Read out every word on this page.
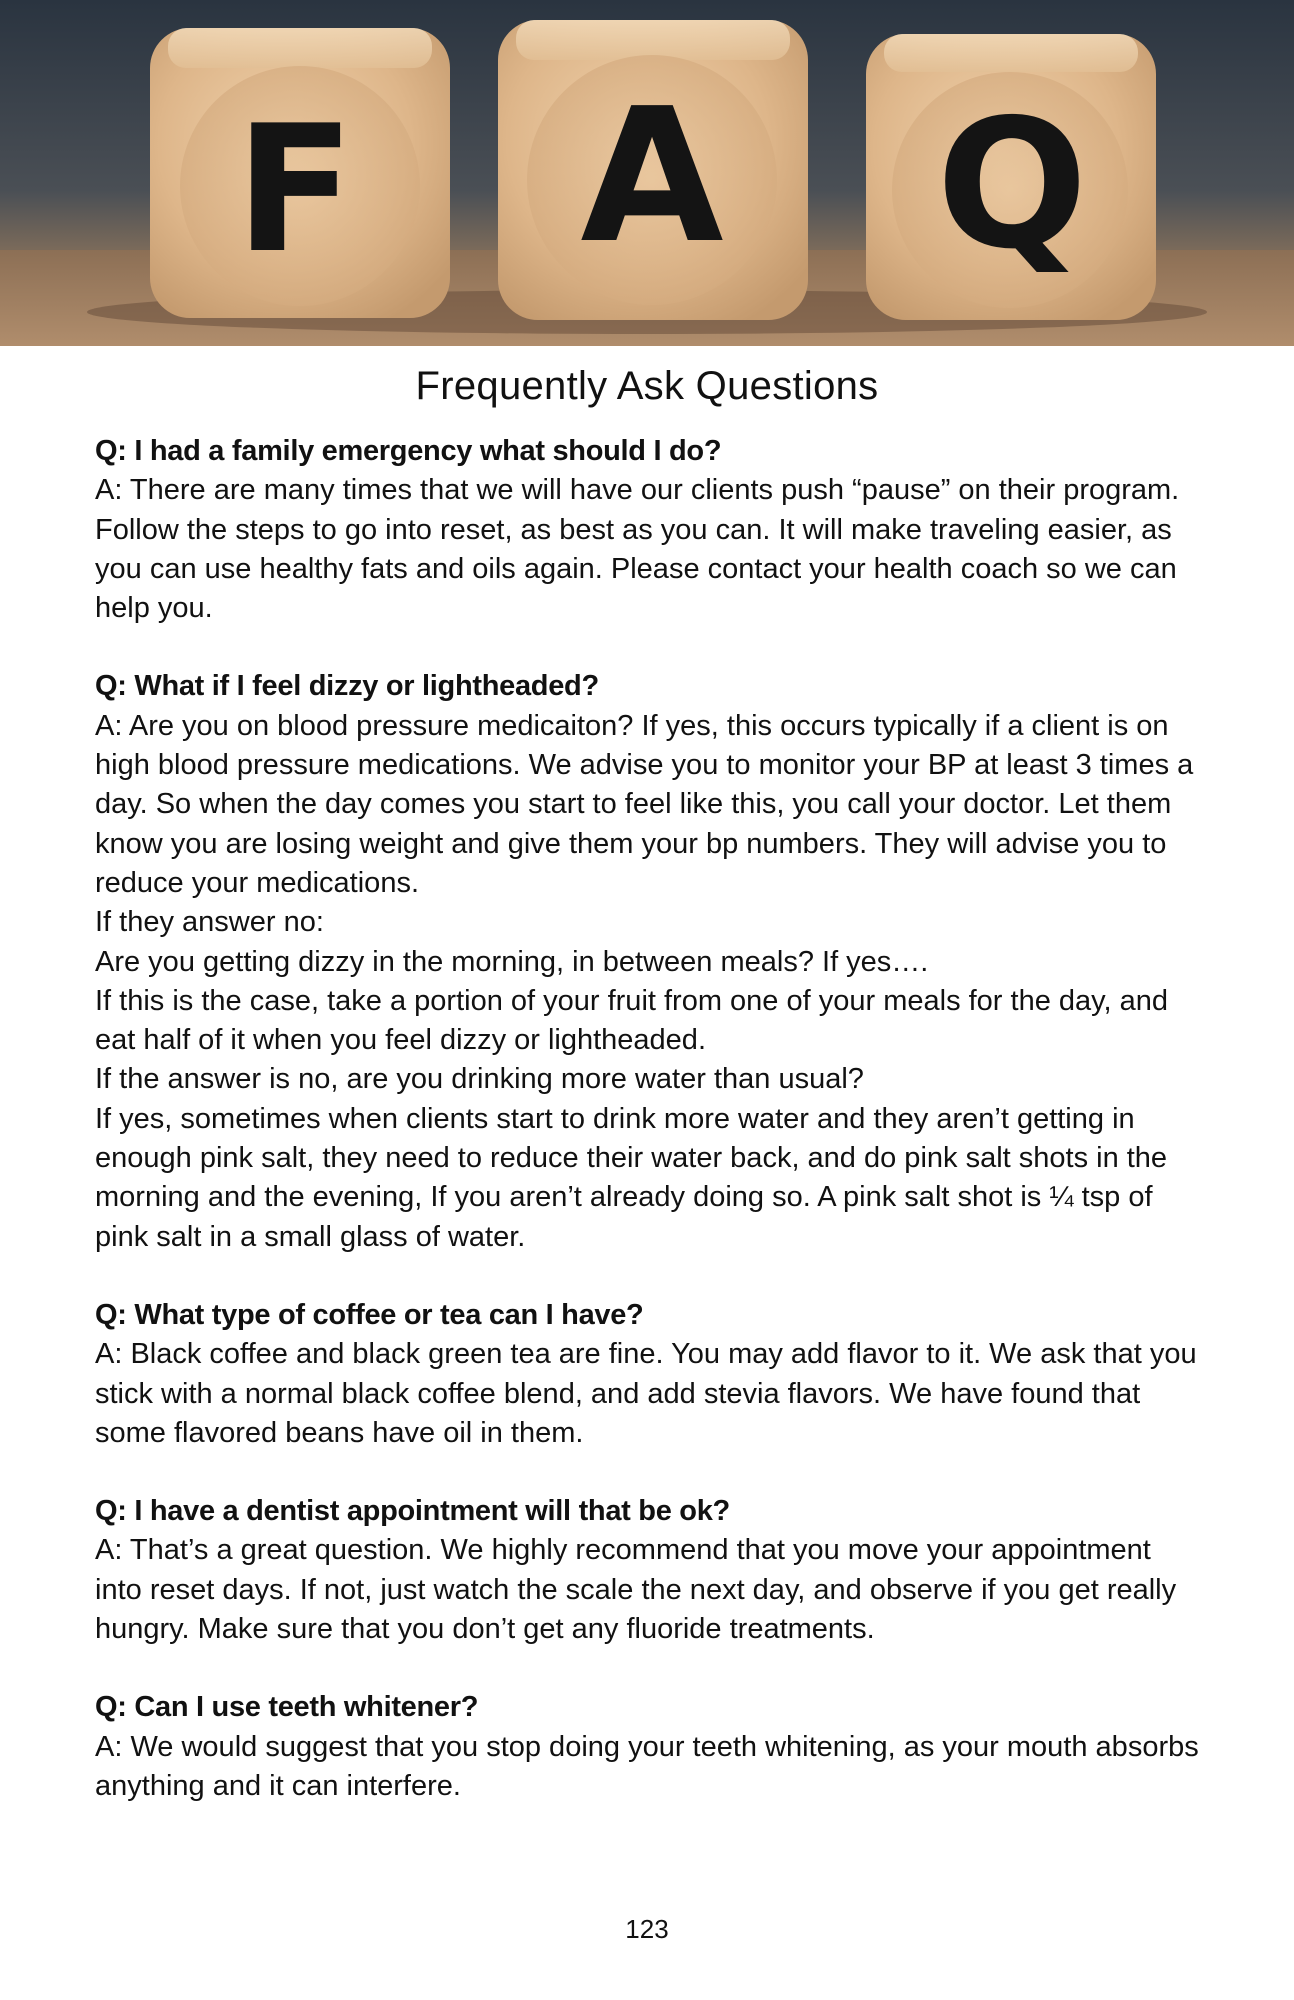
F A Q
Frequently Ask Questions
Q: I had a family emergency what should I do?
A: There are many times that we will have our clients push “pause” on their program. Follow the steps to go into reset, as best as you can. It will make traveling easier, as you can use healthy fats and oils again. Please contact your health coach so we can help you.
Q: What if I feel dizzy or lightheaded?
A: Are you on blood pressure medicaiton? If yes, this occurs typically if a client is on high blood pressure medications. We advise you to monitor your BP at least 3 times a day. So when the day comes you start to feel like this, you call your doctor. Let them know you are losing weight and give them your bp numbers. They will advise you to reduce your medications.
If they answer no:
Are you getting dizzy in the morning, in between meals? If yes….
If this is the case, take a portion of your fruit from one of your meals for the day, and eat half of it when you feel dizzy or lightheaded.
If the answer is no, are you drinking more water than usual?
If yes, sometimes when clients start to drink more water and they aren’t getting in enough pink salt, they need to reduce their water back, and do pink salt shots in the morning and the evening, If you aren’t already doing so. A pink salt shot is ¼ tsp of pink salt in a small glass of water.
Q: What type of coffee or tea can I have?
A: Black coffee and black green tea are fine. You may add flavor to it. We ask that you stick with a normal black coffee blend, and add stevia flavors. We have found that some flavored beans have oil in them.
Q: I have a dentist appointment will that be ok?
A: That’s a great question. We highly recommend that you move your appointment into reset days. If not, just watch the scale the next day, and observe if you get really hungry. Make sure that you don’t get any fluoride treatments.
Q: Can I use teeth whitener?
A: We would suggest that you stop doing your teeth whitening, as your mouth absorbs anything and it can interfere.
123
